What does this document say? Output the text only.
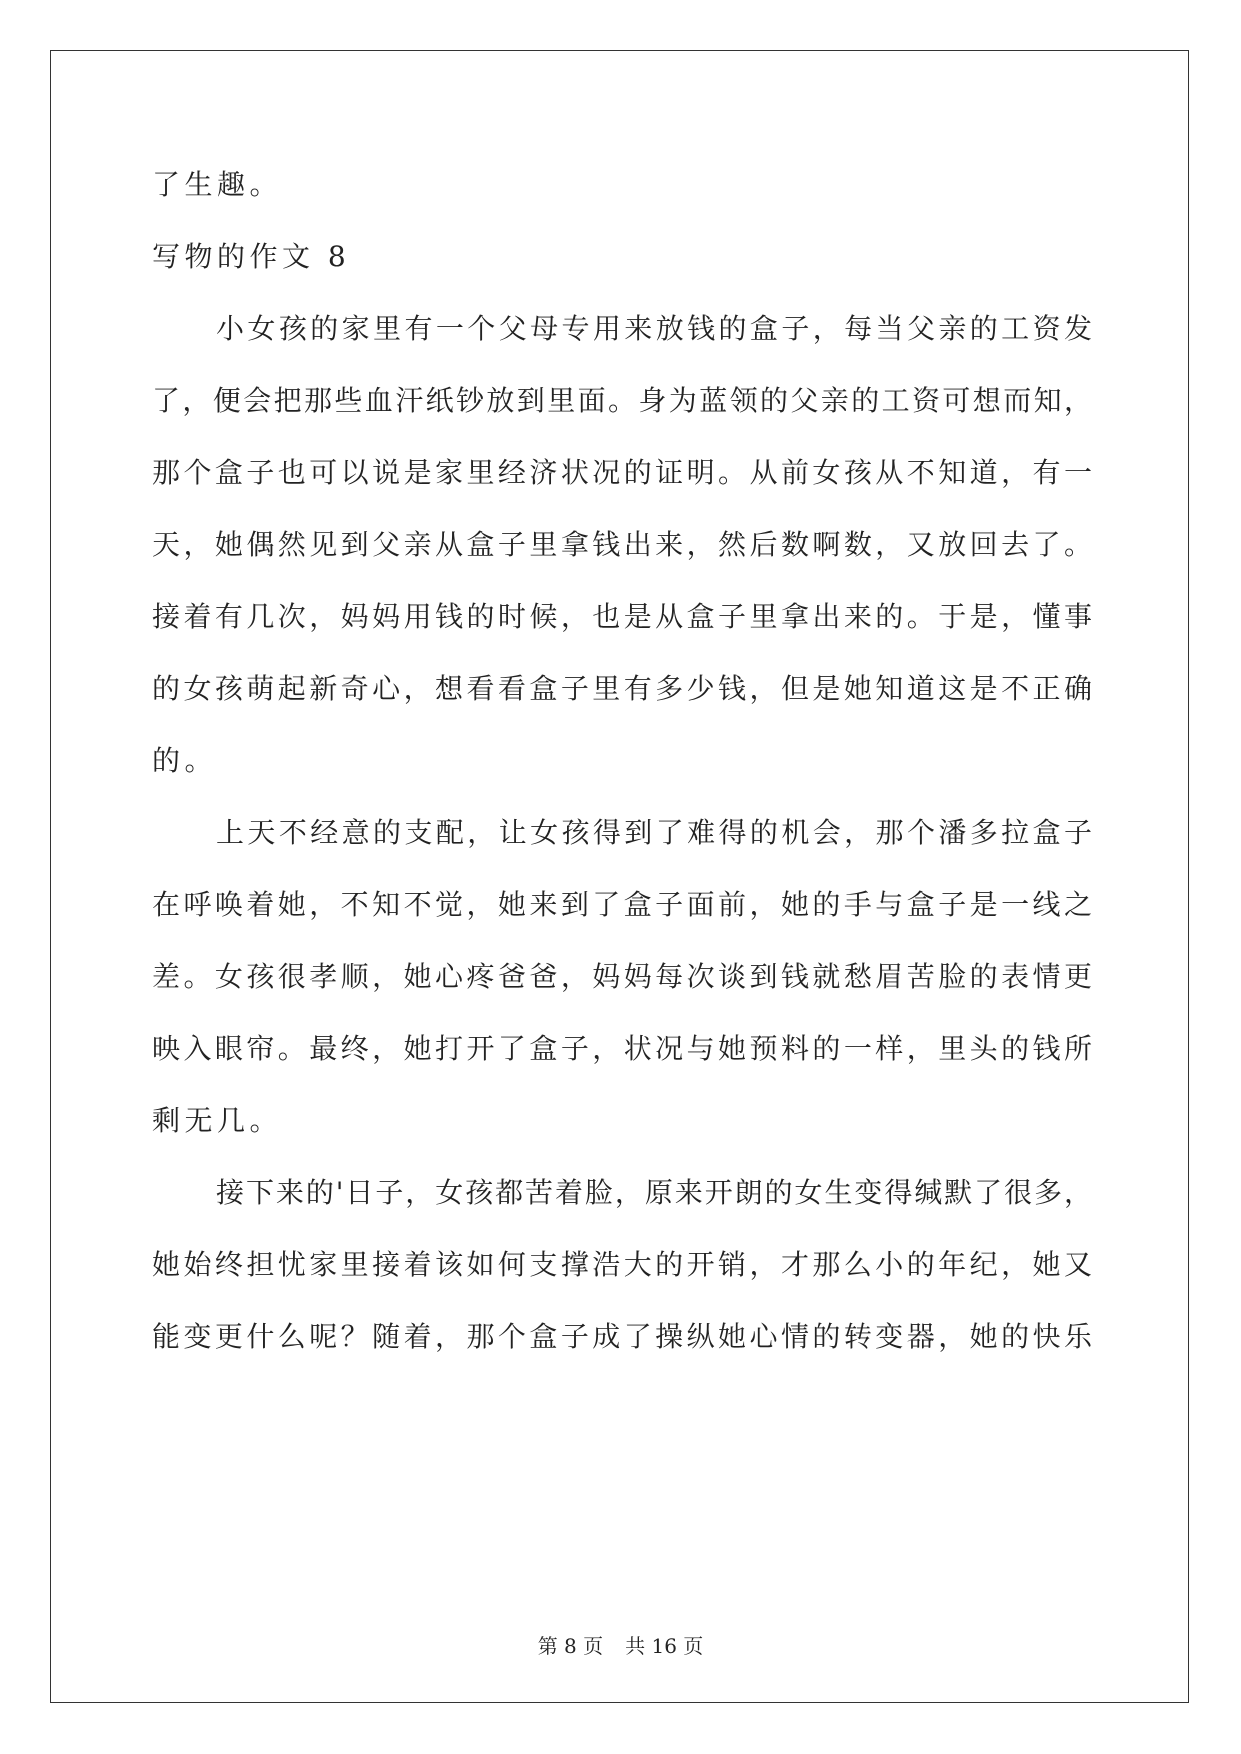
了生趣。
写物的作文 8
小女孩的家里有一个父母专用来放钱的盒子，每当父亲的工资发
了，便会把那些血汗纸钞放到里面。身为蓝领的父亲的工资可想而知，
那个盒子也可以说是家里经济状况的证明。从前女孩从不知道，有一
天，她偶然见到父亲从盒子里拿钱出来，然后数啊数，又放回去了。
接着有几次，妈妈用钱的时候，也是从盒子里拿出来的。于是，懂事
的女孩萌起新奇心，想看看盒子里有多少钱，但是她知道这是不正确
的。
上天不经意的支配，让女孩得到了难得的机会，那个潘多拉盒子
在呼唤着她，不知不觉，她来到了盒子面前，她的手与盒子是一线之
差。女孩很孝顺，她心疼爸爸，妈妈每次谈到钱就愁眉苦脸的表情更
映入眼帘。最终，她打开了盒子，状况与她预料的一样，里头的钱所
剩无几。
接下来的'日子，女孩都苦着脸，原来开朗的女生变得缄默了很多，
她始终担忧家里接着该如何支撑浩大的开销，才那么小的年纪，她又
能变更什么呢？随着，那个盒子成了操纵她心情的转变器，她的快乐
第 8 页 共 16 页
